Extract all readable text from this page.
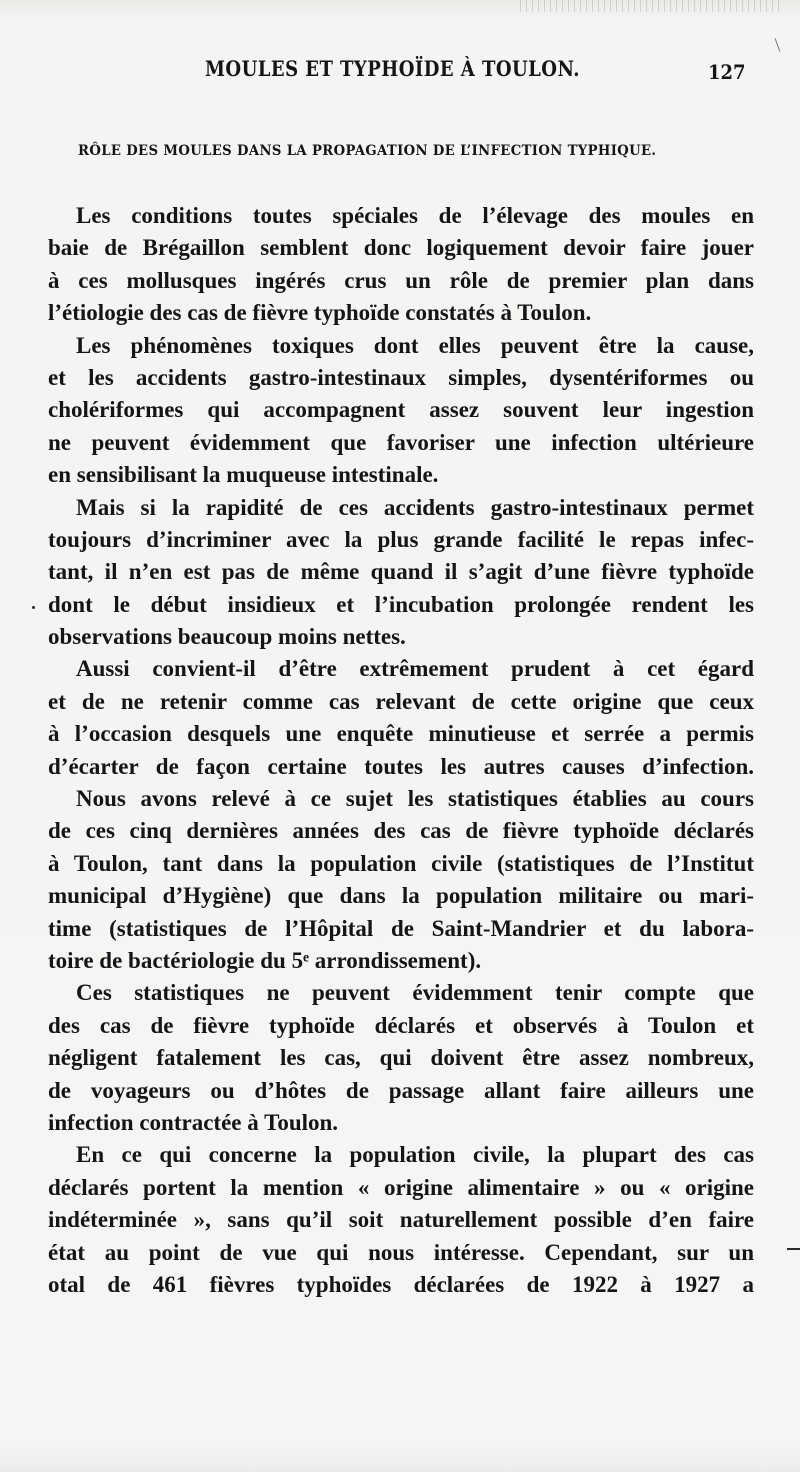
MOULES ET TYPHOÏDE À TOULON.	127
RÔLE DES MOULES DANS LA PROPAGATION DE L’INFECTION TYPHIQUE.
Les conditions toutes spéciales de l’élevage des moules en
baie de Brégaillon semblent donc logiquement devoir faire jouer
à ces mollusques ingérés crus un rôle de premier plan dans
l’étiologie des cas de fièvre typhoïde constatés à Toulon.
Les phénomènes toxiques dont elles peuvent être la cause,
et les accidents gastro-intestinaux simples, dysentériformes ou
cholériformes qui accompagnent assez souvent leur ingestion
ne peuvent évidemment que favoriser une infection ultérieure
en sensibilisant la muqueuse intestinale.
Mais si la rapidité de ces accidents gastro-intestinaux permet
toujours d’incriminer avec la plus grande facilité le repas infec-
tant, il n’en est pas de même quand il s’agit d’une fièvre typhoïde
dont le début insidieux et l’incubation prolongée rendent les
observations beaucoup moins nettes.
Aussi convient-il d’être extrêmement prudent à cet égard
et de ne retenir comme cas relevant de cette origine que ceux
à l’occasion desquels une enquête minutieuse et serrée a permis
d’écarter de façon certaine toutes les autres causes d’infection.
Nous avons relevé à ce sujet les statistiques établies au cours
de ces cinq dernières années des cas de fièvre typhoïde déclarés
à Toulon, tant dans la population civile (statistiques de l’Institut
municipal d’Hygiène) que dans la population militaire ou mari-
time (statistiques de l’Hôpital de Saint-Mandrier et du labora-
toire de bactériologie du 5ᵉ arrondissement).
Ces statistiques ne peuvent évidemment tenir compte que
des cas de fièvre typhoïde déclarés et observés à Toulon et
négligent fatalement les cas, qui doivent être assez nombreux,
de voyageurs ou d’hôtes de passage allant faire ailleurs une
infection contractée à Toulon.
En ce qui concerne la population civile, la plupart des cas
déclarés portent la mention « origine alimentaire » ou « origine
indéterminée », sans qu’il soit naturellement possible d’en faire
état au point de vue qui nous intéresse. Cependant, sur un
otal de 461 fièvres typhoïdes déclarées de 1922 à 1927 a
